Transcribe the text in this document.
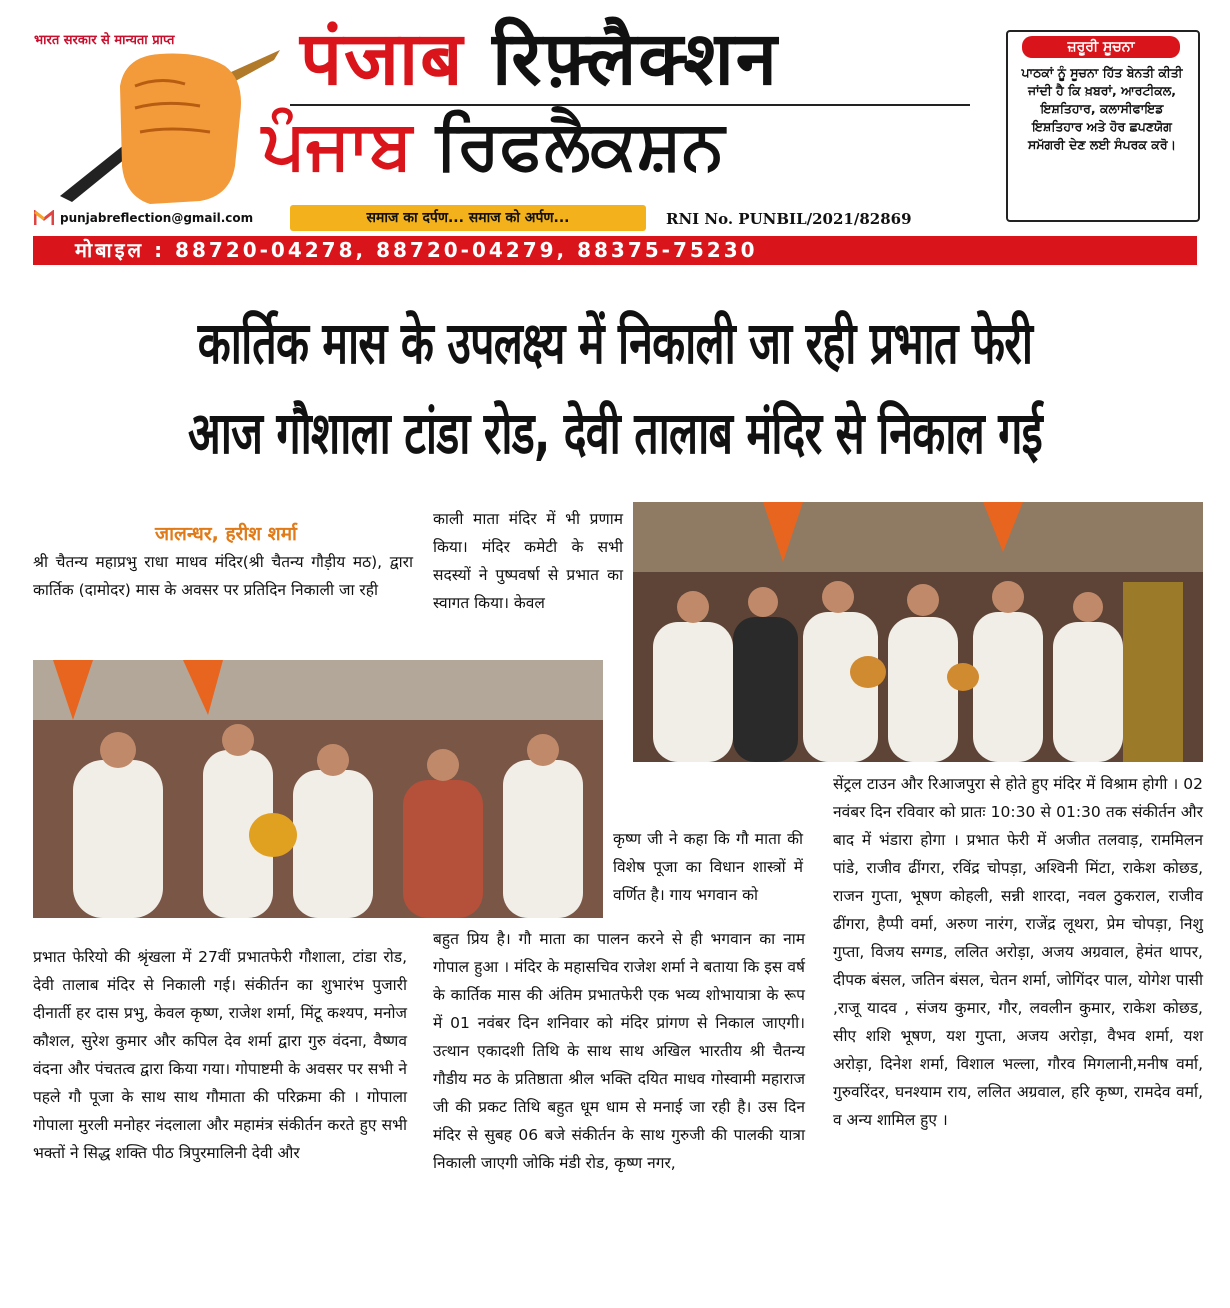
भारत सरकार से मान्यता प्राप्त पंजाब रिफ़्लैक्शन
ਪੰਜਾਬ ਰਿਫਲੈਕਸ਼ਨ
punjabreflection@gmail.com	समाज का दर्पण... समाज को अर्पण...	RNI No. PUNBIL/2021/82869
ਜ਼ਰੂਰੀ ਸੂਚਨਾ
ਪਾਠਕਾਂ ਨੂੰ ਸੂਚਨਾ ਹਿੱਤ ਬੇਨਤੀ ਕੀਤੀ ਜਾਂਦੀ ਹੈ ਕਿ ਖ਼ਬਰਾਂ, ਆਰਟੀਕਲ, ਇਸ਼ਤਿਹਾਰ, ਕਲਾਸੀਫਾਇਡ ਇਸ਼ਤਿਹਾਰ ਅਤੇ ਹੋਰ ਛਪਣਯੋਗ ਸਮੱਗਰੀ ਦੇਣ ਲਈ ਸੰਪਰਕ ਕਰੋ।
मोबाइल : 88720-04278, 88720-04279, 88375-75230
कार्तिक मास के उपलक्ष्य में निकाली जा रही प्रभात फेरी
आज गौशाला टांडा रोड, देवी तालाब मंदिर से निकाल गई
जालन्धर, हरीश शर्मा
श्री चैतन्य महाप्रभु राधा माधव मंदिर(श्री चैतन्य गौड़ीय मठ), द्वारा कार्तिक (दामोदर) मास के अवसर पर प्रतिदिन निकाली जा रही
काली माता मंदिर में भी प्रणाम किया। मंदिर कमेटी के सभी सदस्यों ने पुष्पवर्षा से प्रभात का स्वागत किया। केवल
कृष्ण जी ने कहा कि गौ माता की विशेष पूजा का विधान शास्त्रों में वर्णित है। गाय भगवान को
प्रभात फेरियो की श्रृंखला में 27वीं प्रभातफेरी गौशाला, टांडा रोड, देवी तालाब मंदिर से निकाली गई। संकीर्तन का शुभारंभ पुजारी दीनार्ती हर दास प्रभु, केवल कृष्ण, राजेश शर्मा, मिंटू कश्यप, मनोज कौशल, सुरेश कुमार और कपिल देव शर्मा द्वारा गुरु वंदना, वैष्णव वंदना और पंचतत्व द्वारा किया गया। गोपाष्टमी के अवसर पर सभी ने पहले गौ पूजा के साथ साथ गौमाता की परिक्रमा की । गोपाला गोपाला मुरली मनोहर नंदलाला और महामंत्र संकीर्तन करते हुए सभी भक्तों ने सिद्ध शक्ति पीठ त्रिपुरमालिनी देवी और
बहुत प्रिय है। गौ माता का पालन करने से ही भगवान का नाम गोपाल हुआ । मंदिर के महासचिव राजेश शर्मा ने बताया कि इस वर्ष के कार्तिक मास की अंतिम प्रभातफेरी एक भव्य शोभायात्रा के रूप में 01 नवंबर दिन शनिवार को मंदिर प्रांगण से निकाल जाएगी। उत्थान एकादशी तिथि के साथ साथ अखिल भारतीय श्री चैतन्य गौडीय मठ के प्रतिष्ठाता श्रील भक्ति दयित माधव गोस्वामी महाराज जी की प्रकट तिथि बहुत धूम धाम से मनाई जा रही है। उस दिन मंदिर से सुबह 06 बजे संकीर्तन के साथ गुरुजी की पालकी यात्रा निकाली जाएगी जोकि मंडी रोड, कृष्ण नगर,
सेंट्रल टाउन और रिआजपुरा से होते हुए मंदिर में विश्राम होगी । 02 नवंबर दिन रविवार को प्रातः 10:30 से 01:30 तक संकीर्तन और बाद में भंडारा होगा । प्रभात फेरी में अजीत तलवाड़, राममिलन पांडे, राजीव ढींगरा, रविंद्र चोपड़ा, अश्विनी मिंटा, राकेश कोछड, राजन गुप्ता, भूषण कोहली, सन्नी शारदा, नवल ठुकराल, राजीव ढींगरा, हैप्पी वर्मा, अरुण नारंग, राजेंद्र लूथरा, प्रेम चोपड़ा, निशु गुप्ता, विजय सग्गड, ललित अरोड़ा, अजय अग्रवाल, हेमंत थापर, दीपक बंसल, जतिन बंसल, चेतन शर्मा, जोगिंदर पाल, योगेश पासी ,राजू यादव , संजय कुमार, गौर, लवलीन कुमार, राकेश कोछड, सीए शशि भूषण, यश गुप्ता, अजय अरोड़ा, वैभव शर्मा, यश अरोड़ा, दिनेश शर्मा, विशाल भल्ला, गौरव मिगलानी,मनीष वर्मा, गुरुवरिंदर, घनश्याम राय, ललित अग्रवाल, हरि कृष्ण, रामदेव वर्मा, व अन्य शामिल हुए ।
